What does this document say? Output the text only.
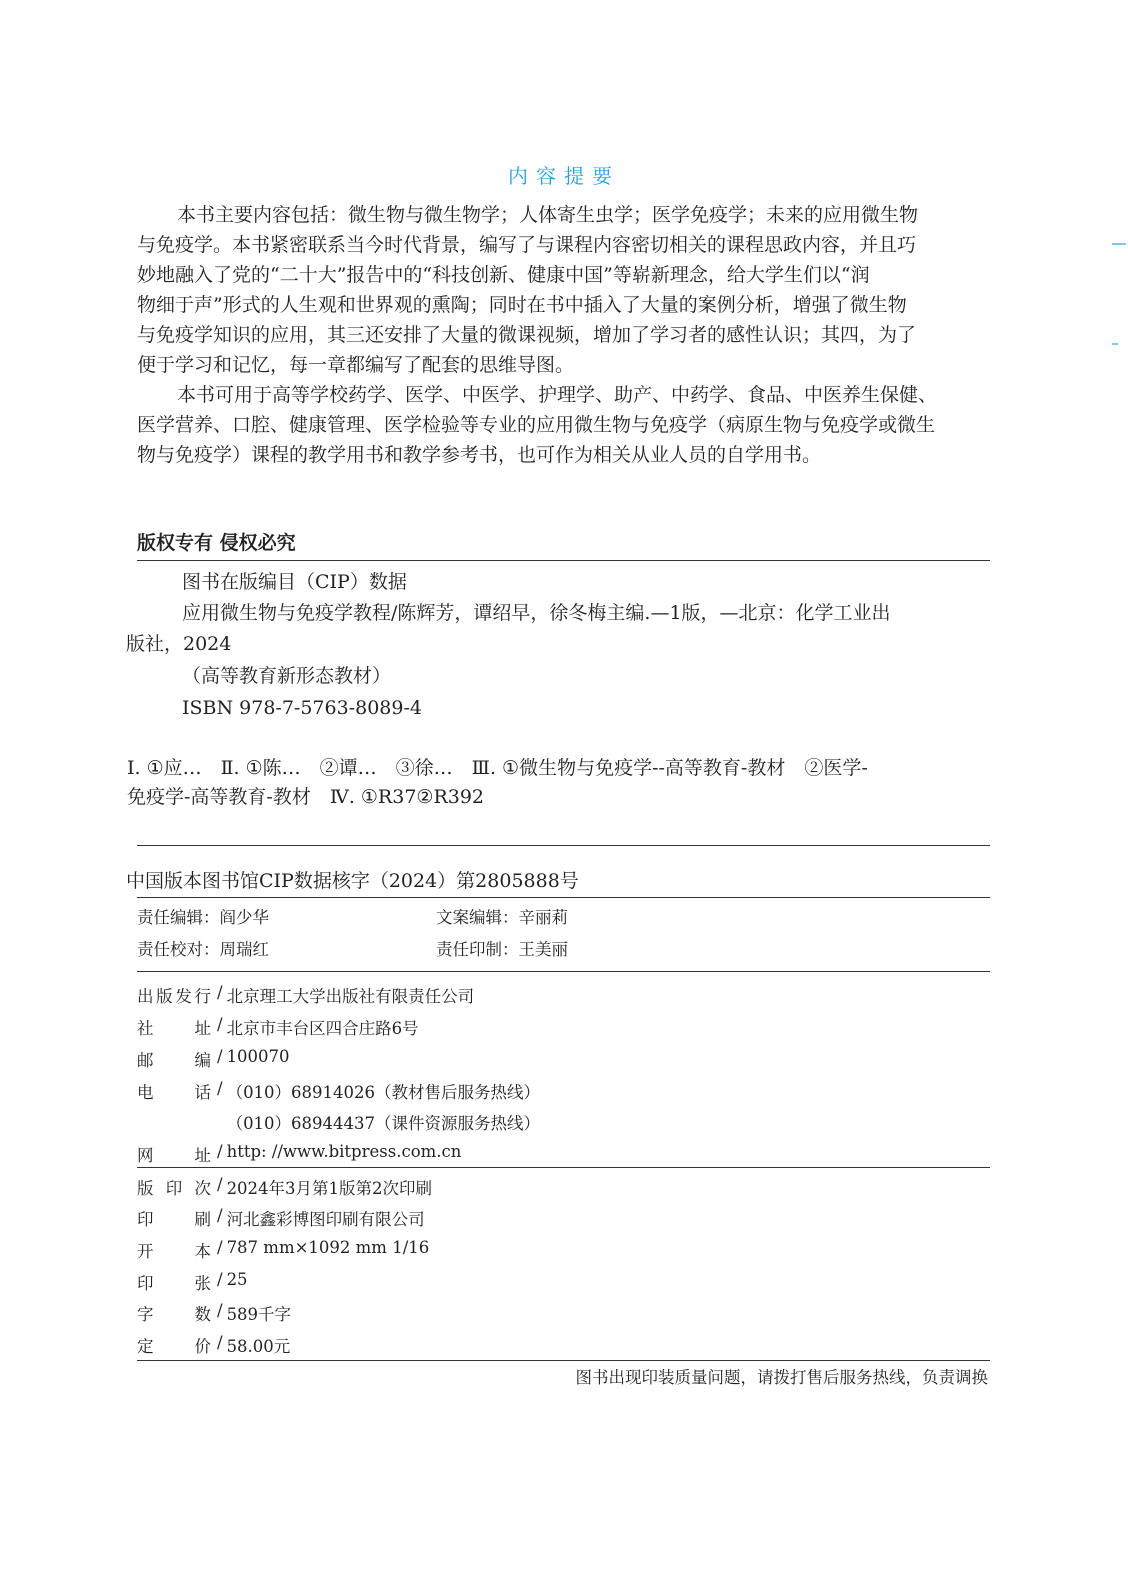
内容提要
本书主要内容包括：微生物与微生物学；人体寄生虫学；医学免疫学；未来的应用微生物
与免疫学。本书紧密联系当今时代背景，编写了与课程内容密切相关的课程思政内容，并且巧
妙地融入了党的“二十大”报告中的“科技创新、健康中国”等崭新理念，给大学生们以“润
物细于声”形式的人生观和世界观的熏陶；同时在书中插入了大量的案例分析，增强了微生物
与免疫学知识的应用，其三还安排了大量的微课视频，增加了学习者的感性认识；其四，为了
便于学习和记忆，每一章都编写了配套的思维导图。
本书可用于高等学校药学、医学、中医学、护理学、助产、中药学、食品、中医养生保健、
医学营养、口腔、健康管理、医学检验等专业的应用微生物与免疫学（病原生物与免疫学或微生
物与免疫学）课程的教学用书和教学参考书，也可作为相关从业人员的自学用书。
版权专有 侵权必究
图书在版编目（CIP）数据
应用微生物与免疫学教程/陈辉芳，谭绍早，徐冬梅主编.—1版，—北京：化学工业出
版社，2024
（高等教育新形态教材）
ISBN 978-7-5763-8089-4
Ⅰ. ①应…　Ⅱ. ①陈…　②谭…　③徐…　Ⅲ. ①微生物与免疫学--高等教育-教材　②医学-
免疫学-高等教育-教材　Ⅳ. ①R37②R392
中国版本图书馆CIP数据核字（2024）第2805888号
责任编辑：阎少华	文案编辑：辛丽莉
责任校对：周瑞红	责任印制：王美丽
出版发行 / 北京理工大学出版社有限责任公司
社址 / 北京市丰台区四合庄路6号
邮编 / 100070
电话 / （010）68914026（教材售后服务热线）
（010）68944437（课件资源服务热线）
网址 / http: //www.bitpress.com.cn
版印次 / 2024年3月第1版第2次印刷
印刷 / 河北鑫彩博图印刷有限公司
开本 / 787 mm×1092 mm 1/16
印张 / 25
字数 / 589千字
定价 / 58.00元
图书出现印装质量问题，请拨打售后服务热线，负责调换
